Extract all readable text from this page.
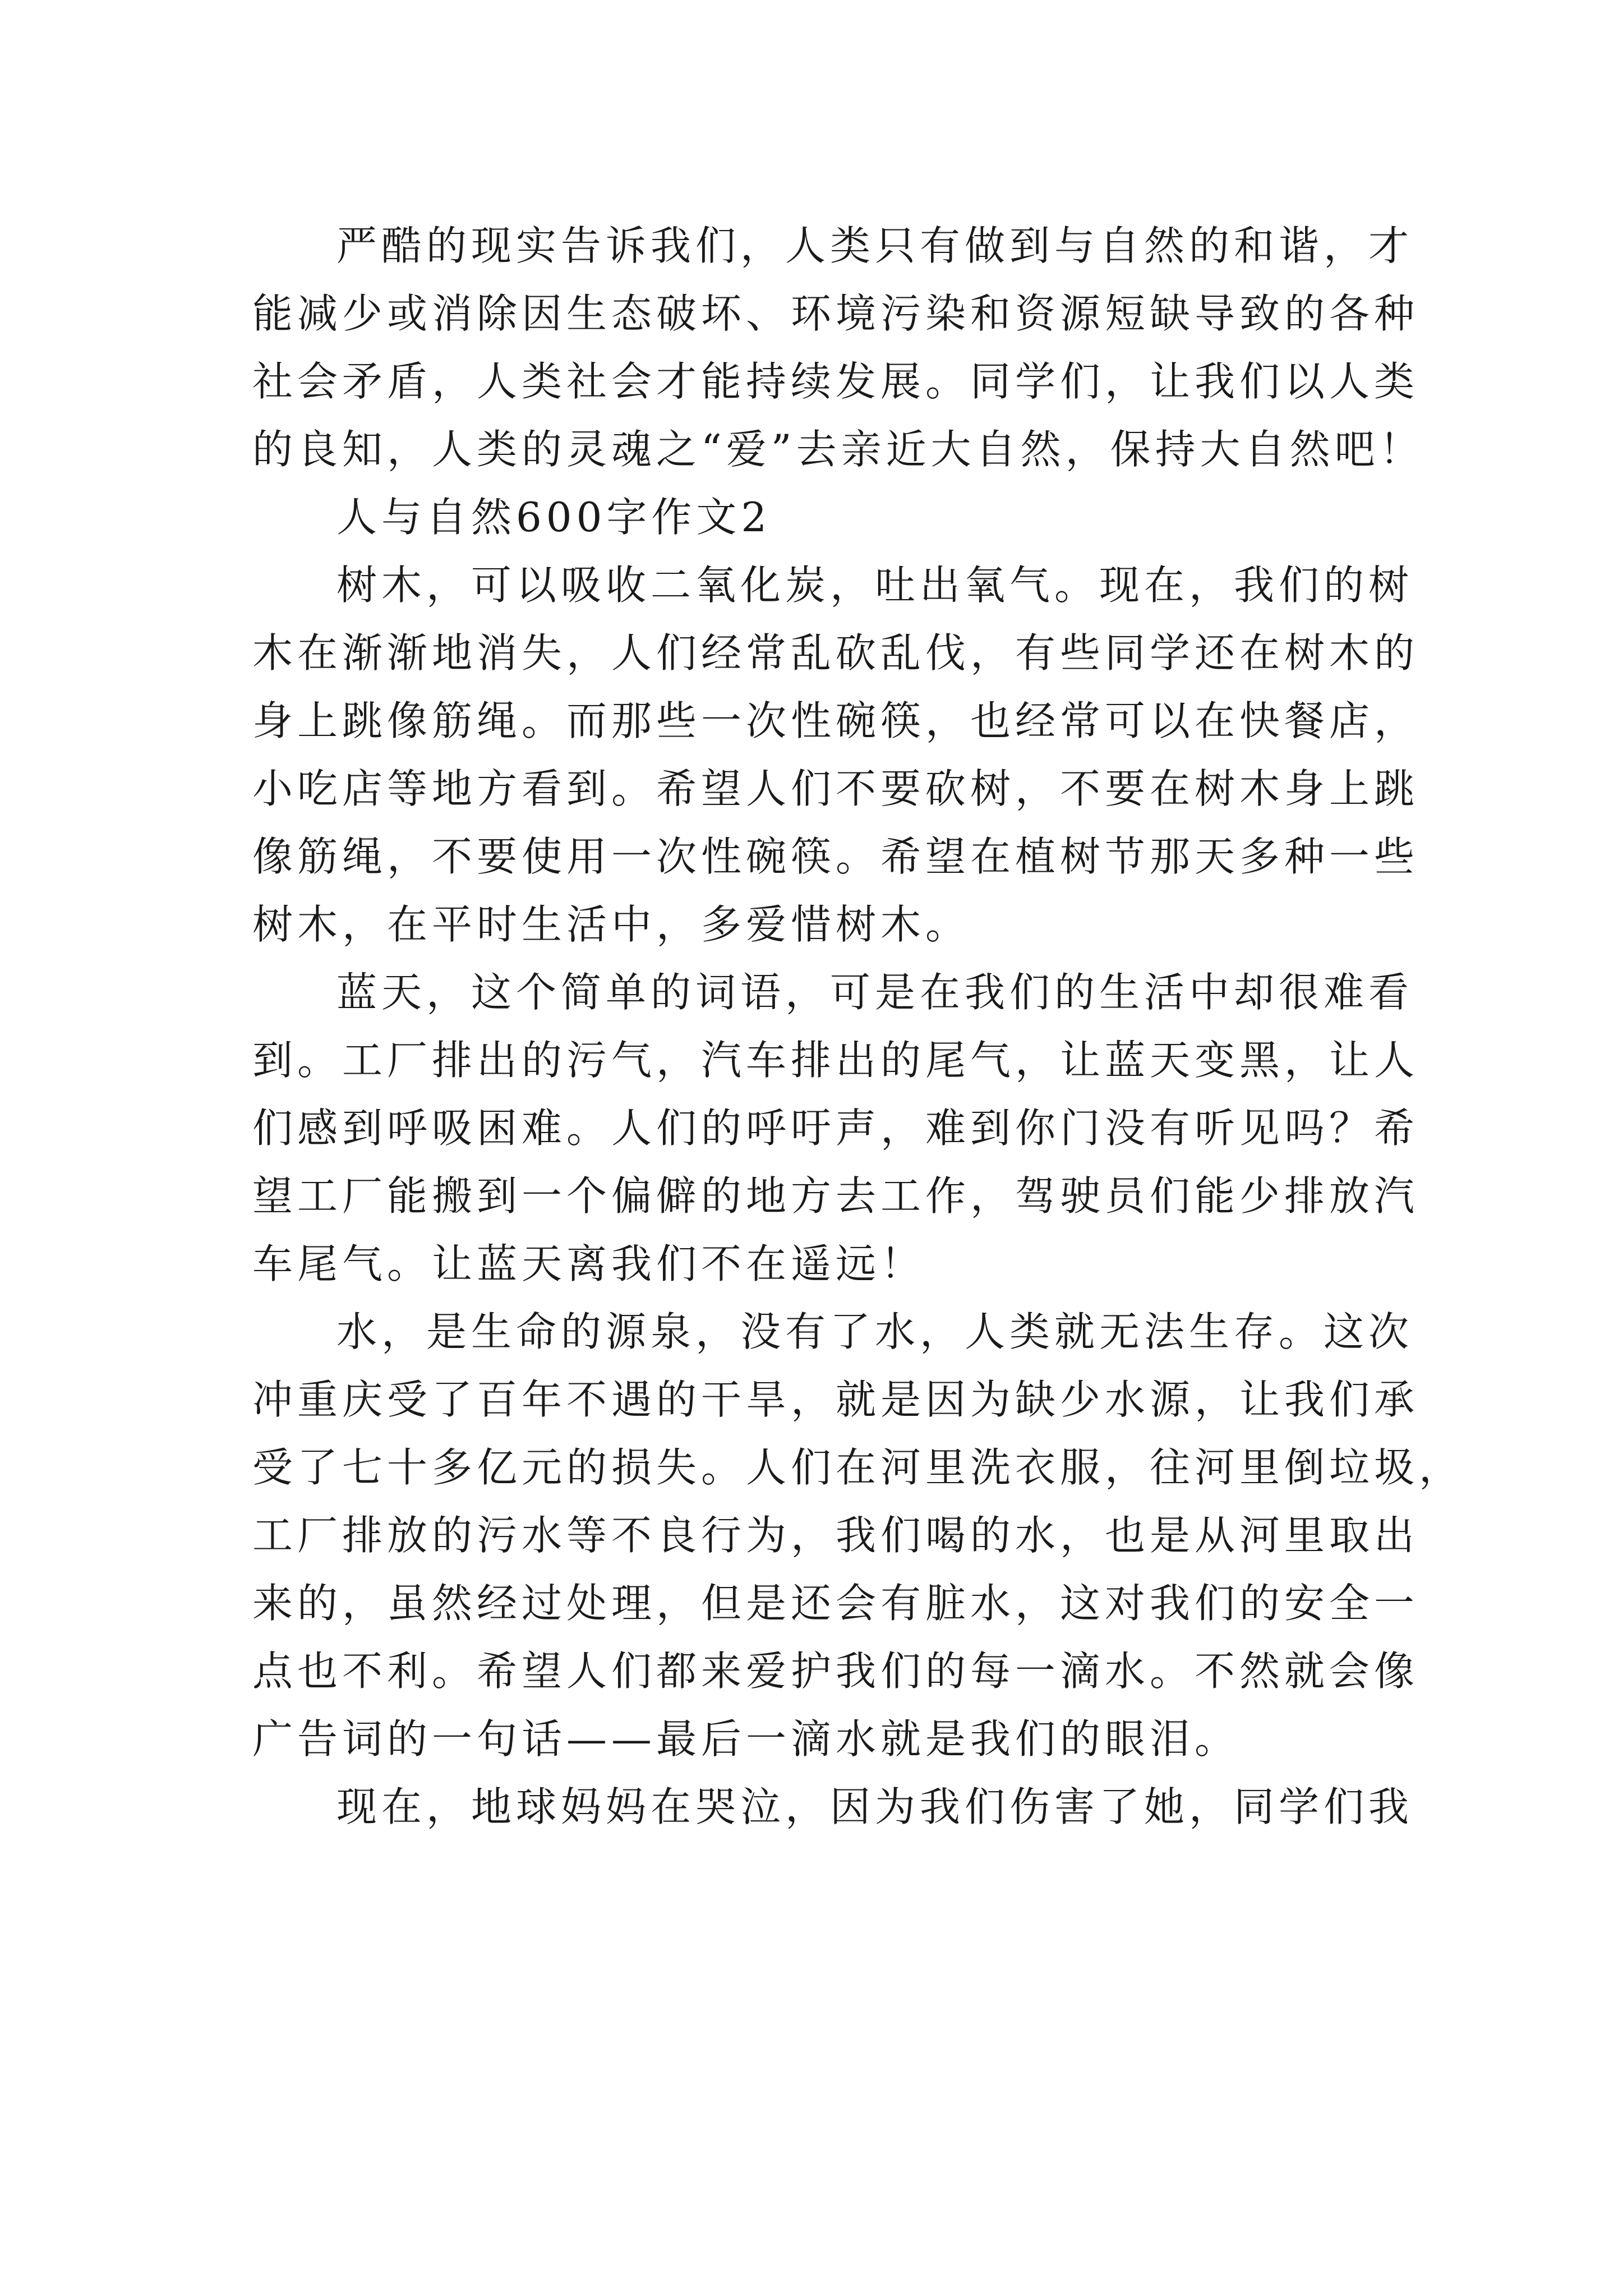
严酷的现实告诉我们，人类只有做到与自然的和谐，才
能减少或消除因生态破坏、环境污染和资源短缺导致的各种
社会矛盾，人类社会才能持续发展。同学们，让我们以人类
的良知，人类的灵魂之“爱”去亲近大自然，保持大自然吧！
人与自然600字作文2
树木，可以吸收二氧化炭，吐出氧气。现在，我们的树
木在渐渐地消失，人们经常乱砍乱伐，有些同学还在树木的
身上跳像筋绳。而那些一次性碗筷，也经常可以在快餐店，
小吃店等地方看到。希望人们不要砍树，不要在树木身上跳
像筋绳，不要使用一次性碗筷。希望在植树节那天多种一些
树木，在平时生活中，多爱惜树木。
蓝天，这个简单的词语，可是在我们的生活中却很难看
到。工厂排出的污气，汽车排出的尾气，让蓝天变黑，让人
们感到呼吸困难。人们的呼吁声，难到你门没有听见吗？希
望工厂能搬到一个偏僻的地方去工作，驾驶员们能少排放汽
车尾气。让蓝天离我们不在遥远！
水，是生命的源泉，没有了水，人类就无法生存。这次
冲重庆受了百年不遇的干旱，就是因为缺少水源，让我们承
受了七十多亿元的损失。人们在河里洗衣服，往河里倒垃圾，
工厂排放的污水等不良行为，我们喝的水，也是从河里取出
来的，虽然经过处理，但是还会有脏水，这对我们的安全一
点也不利。希望人们都来爱护我们的每一滴水。不然就会像
广告词的一句话——最后一滴水就是我们的眼泪。
现在，地球妈妈在哭泣，因为我们伤害了她，同学们我
